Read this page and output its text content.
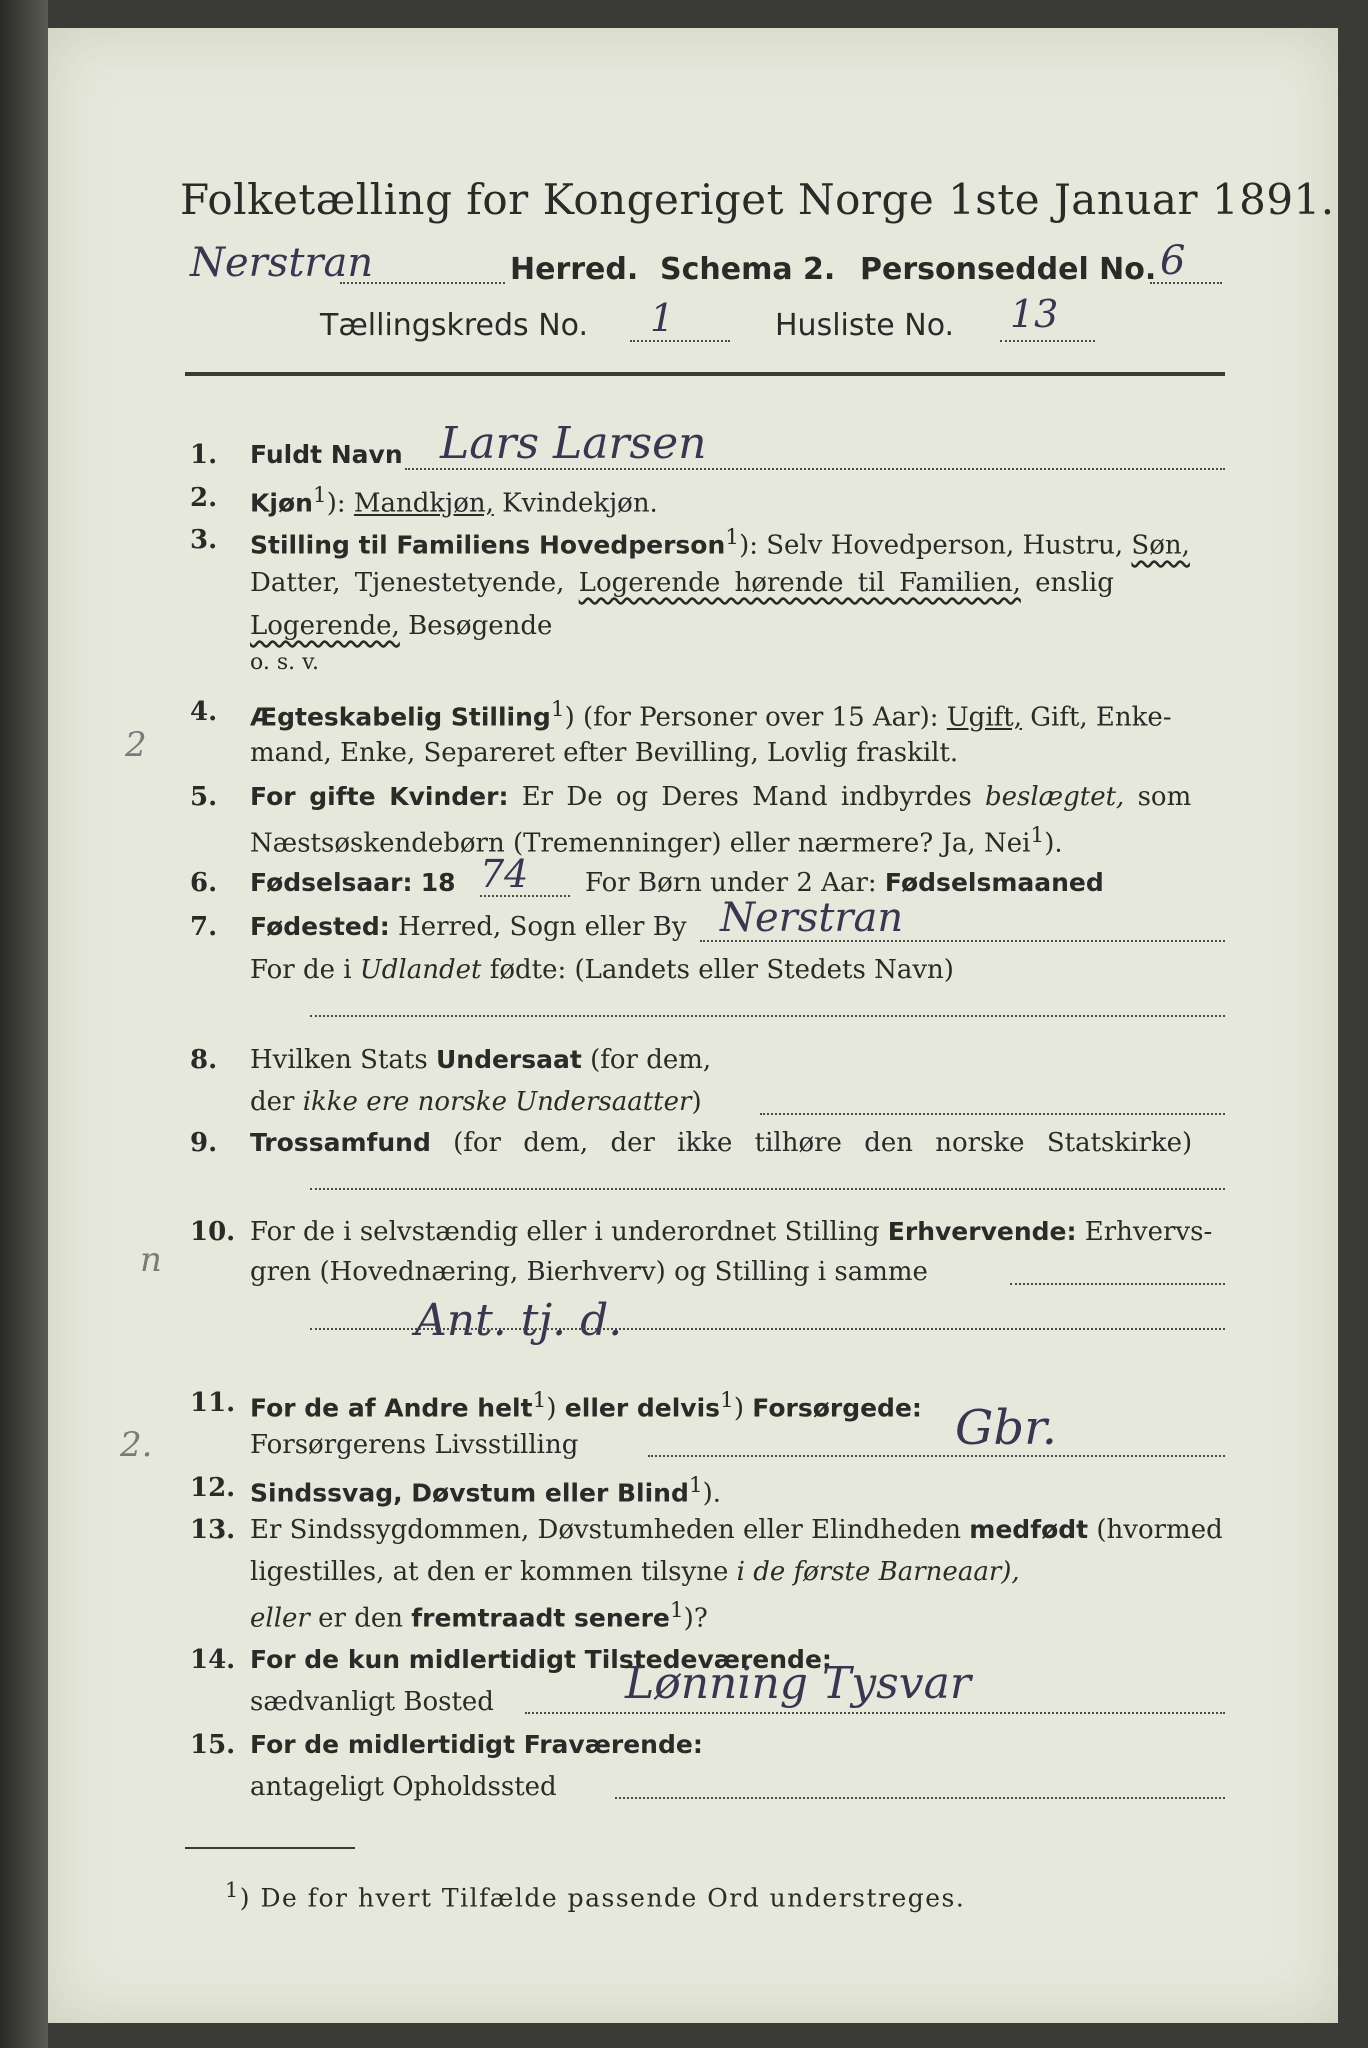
Folketælling for Kongeriget Norge 1ste Januar 1891.
Nerstran	Herred. Schema 2. Personseddel No. 6
Tællingskreds No. 1	Husliste No. 13
1.	Fuldt Navn Lars Larsen
2.	Kjøn$^1$): Mandkjøn, Kvindekjøn.
3.	Stilling til Familiens Hovedperson$^1$): Selv Hovedperson, Hustru, Søn,
Datter, Tjenestetyende, Logerende hørende til Familien, enslig
Logerende, Besøgende
o. s. v.
4.	Ægteskabelig Stilling$^1$) (for Personer over 15 Aar): Ugift, Gift, Enke-
mand, Enke, Separeret efter Bevilling, Lovlig fraskilt.
2
5.	For gifte Kvinder: Er De og Deres Mand indbyrdes beslægtet, som
Næstsøskendebørn (Tremenninger) eller nærmere? Ja, Nei$^1$).
6.	Fødselsaar: 18 74 For Børn under 2 Aar: Fødselsmaaned
7.	Fødested: Herred, Sogn eller By Nerstran
For de i Udlandet fødte: (Landets eller Stedets Navn)
8.	Hvilken Stats Undersaat (for dem,
der ikke ere norske Undersaatter)
9.	Trossamfund (for dem, der ikke tilhøre den norske Statskirke)
10. For de i selvstændig eller i underordnet Stilling Erhvervende: Erhvervs-
gren (Hovednæring, Bierhverv) og Stilling i samme
Ant. tj. d.
n
11. For de af Andre helt$^1$) eller delvis$^1$) Forsørgede:
Forsørgerens Livsstilling	Gbr.
2.
12. Sindssvag, Døvstum eller Blind$^1$).
13. Er Sindssygdommen, Døvstumheden eller Elindheden medfødt (hvormed
ligestilles, at den er kommen tilsyne i de første Barneaar),
eller er den fremtraadt senere$^1$)?
14. For de kun midlertidigt Tilstedeværende:
sædvanligt Bosted	Lønning Tysvar
15. For de midlertidigt Fraværende:
antageligt Opholdssted
$^1$) De for hvert Tilfælde passende Ord understreges.
